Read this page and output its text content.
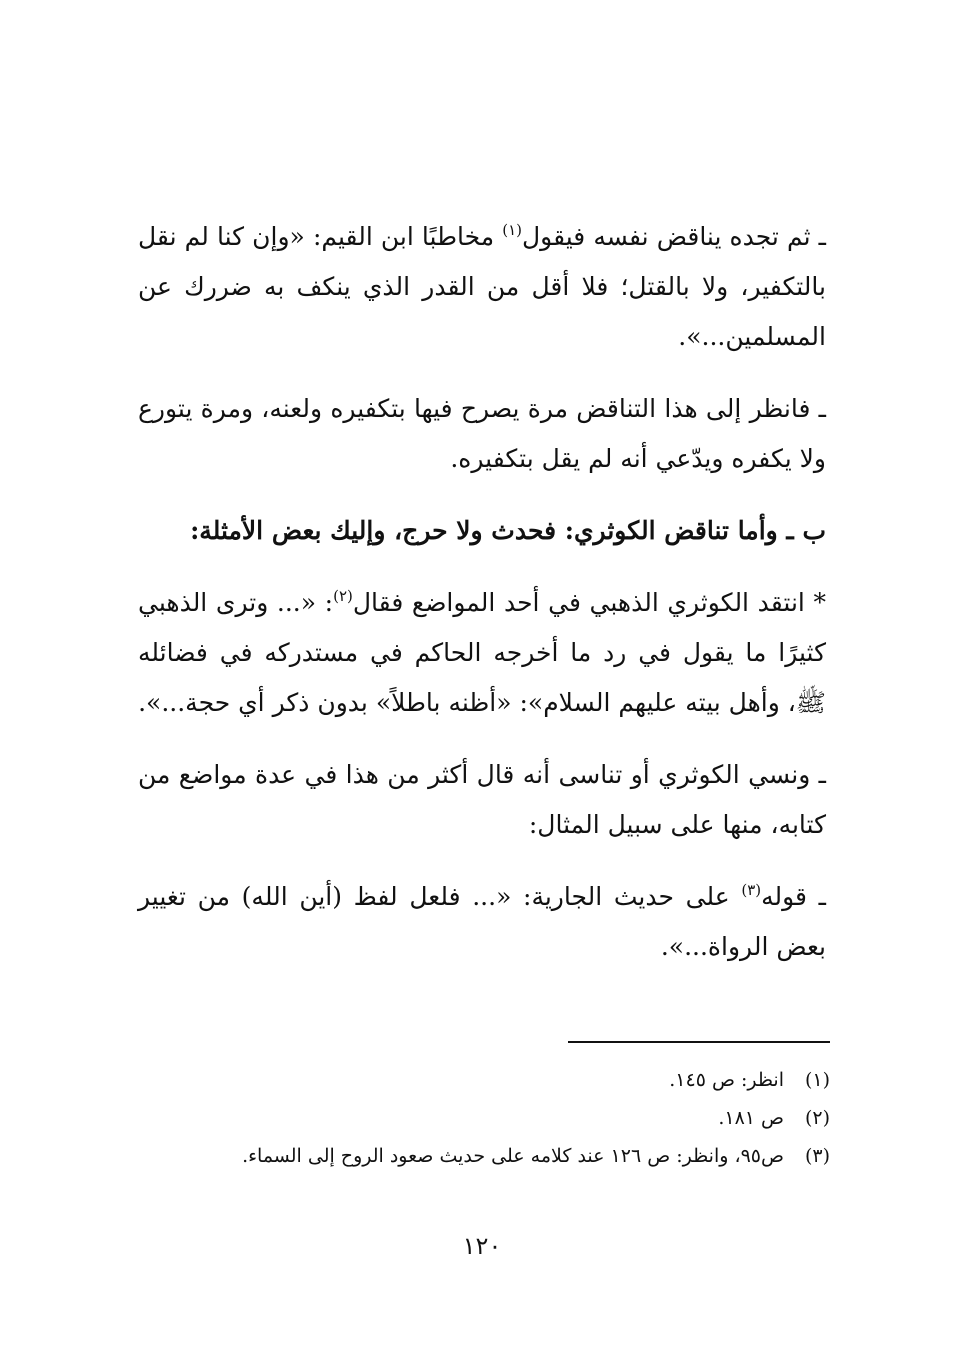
ـ ثم تجده يناقض نفسه فيقول$^{(١)}$ مخاطبًا ابن القيم: «وإن كنا لم نقل بالتكفير، ولا بالقتل؛ فلا أقل من القدر الذي ينكف به ضررك عن المسلمين...».

ـ فانظر إلى هذا التناقض مرة يصرح فيها بتكفيره ولعنه، ومرة يتورع ولا يكفره ويدّعي أنه لم يقل بتكفيره.

ب ـ وأما تناقض الكوثري: فحدث ولا حرج، وإليك بعض الأمثلة:

* انتقد الكوثري الذهبي في أحد المواضع فقال$^{(٢)}$: «... وترى الذهبي كثيرًا ما يقول في رد ما أخرجه الحاكم في مستدركه في فضائله ﷺ، وأهل بيته عليهم السلام»: «أظنه باطلاً» بدون ذكر أي حجة...».

ـ ونسي الكوثري أو تناسى أنه قال أكثر من هذا في عدة مواضع من كتابه، منها على سبيل المثال:

ـ قوله$^{(٣)}$ على حديث الجارية: «... فلعل لفظ (أين الله) من تغيير بعض الرواة...».

(١)
انظر: ص ١٤٥.

(٢)
ص ١٨١.

(٣)
ص٩٥، وانظر: ص ١٢٦ عند كلامه على حديث صعود الروح إلى السماء.

١٢٠
